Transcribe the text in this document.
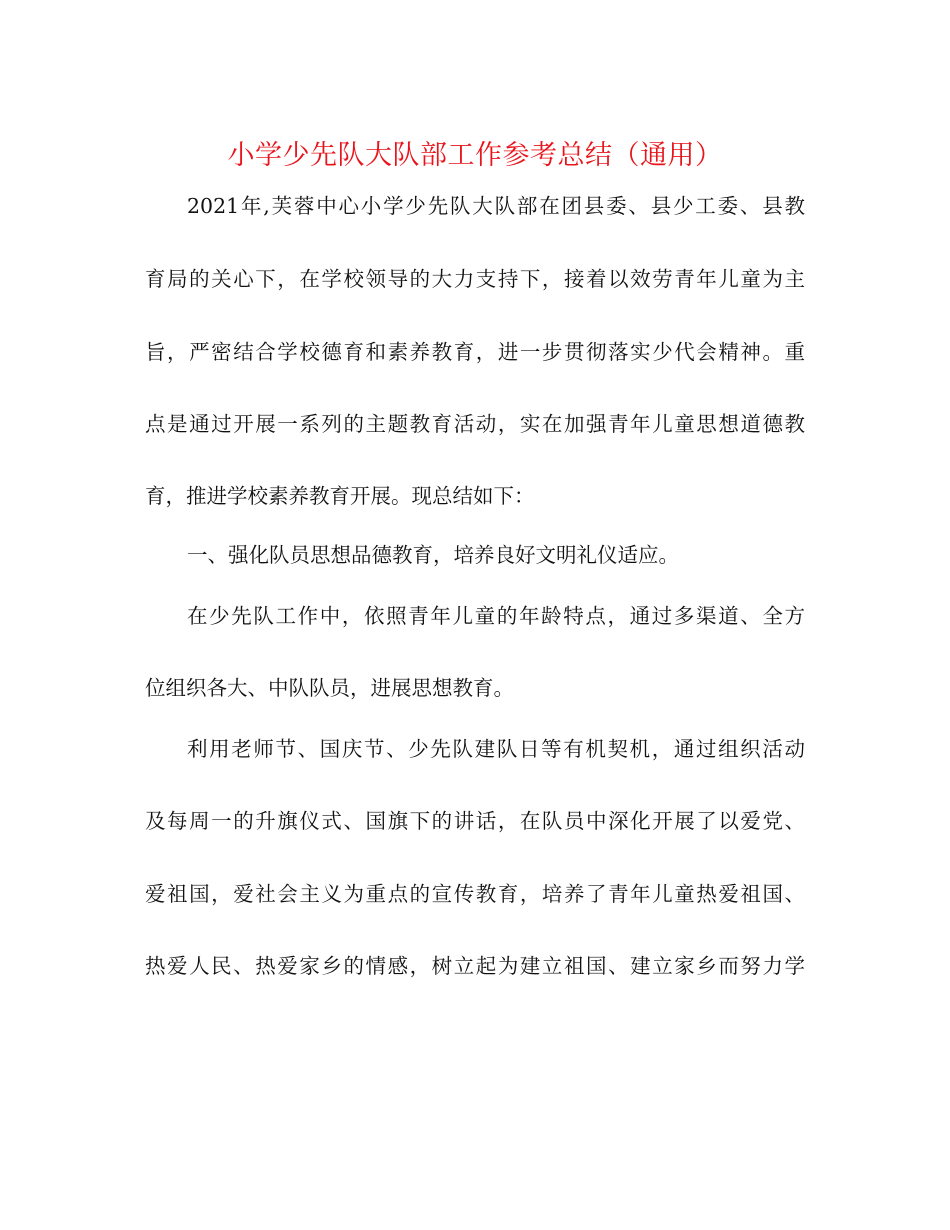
小学少先队大队部工作参考总结（通用）
2021年,芙蓉中心小学少先队大队部在团县委、县少工委、县教
育局的关心下，在学校领导的大力支持下，接着以效劳青年儿童为主
旨，严密结合学校德育和素养教育，进一步贯彻落实少代会精神。重
点是通过开展一系列的主题教育活动，实在加强青年儿童思想道德教
育，推进学校素养教育开展。现总结如下：
一、强化队员思想品德教育，培养良好文明礼仪适应。
在少先队工作中，依照青年儿童的年龄特点，通过多渠道、全方
位组织各大、中队队员，进展思想教育。
利用老师节、国庆节、少先队建队日等有机契机，通过组织活动
及每周一的升旗仪式、国旗下的讲话，在队员中深化开展了以爱党、
爱祖国，爱社会主义为重点的宣传教育，培养了青年儿童热爱祖国、
热爱人民、热爱家乡的情感，树立起为建立祖国、建立家乡而努力学
